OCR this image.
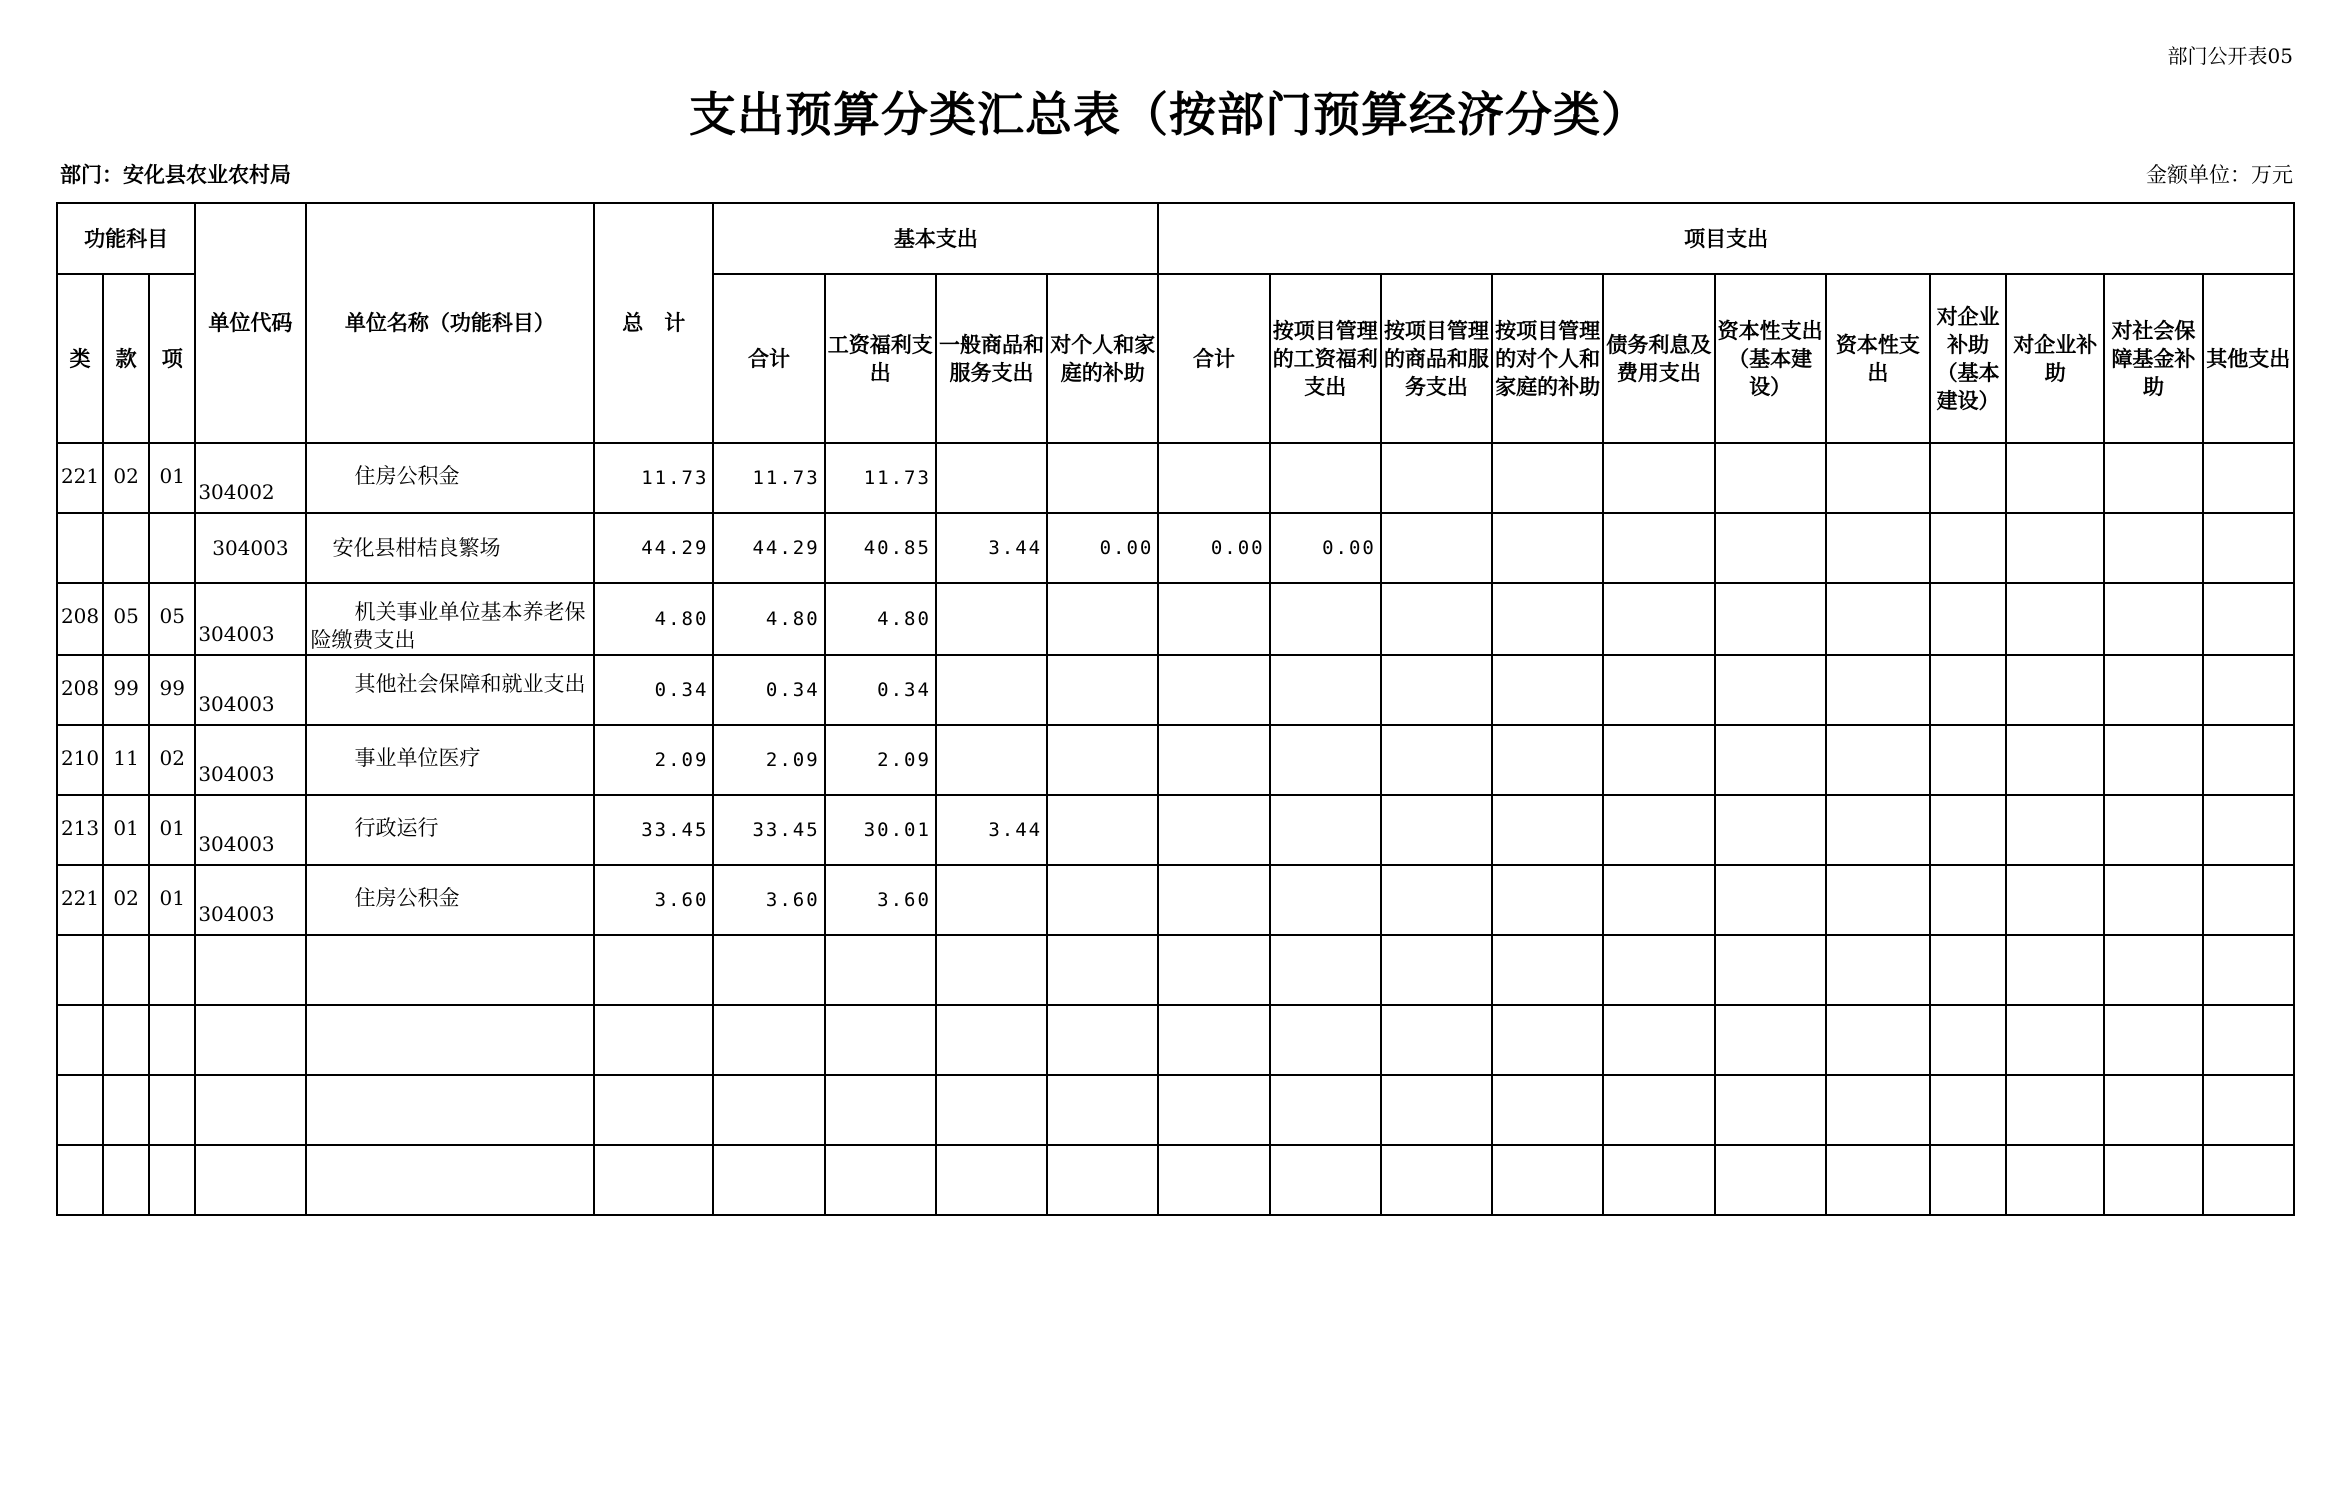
部门公开表05
支出预算分类汇总表（按部门预算经济分类）
部门：安化县农业农村局	金额单位：万元
功能科目			单位代码	单位名称（功能科目）	总　计	基本支出				项目支出										
类	款	项				合计	工资福利支出	一般商品和服务支出	对个人和家庭的补助	合计	按项目管理的工资福利支出	按项目管理的商品和服务支出	按项目管理的对个人和家庭的补助	债务利息及费用支出	资本性支出（基本建设）	资本性支出	对企业补助（基本建设）	对企业补助	对社会保障基金补助	其他支出
221	02	01	304002	住房公积金	11.73	11.73	11.73													
			304003	安化县柑桔良繁场	44.29	44.29	40.85	3.44	0.00	0.00	0.00									
208	05	05	304003	机关事业单位基本养老保险缴费支出	4.80	4.80	4.80													
208	99	99	304003	其他社会保障和就业支出	0.34	0.34	0.34													
210	11	02	304003	事业单位医疗	2.09	2.09	2.09													
213	01	01	304003	行政运行	33.45	33.45	30.01	3.44												
221	02	01	304003	住房公积金	3.60	3.60	3.60													
